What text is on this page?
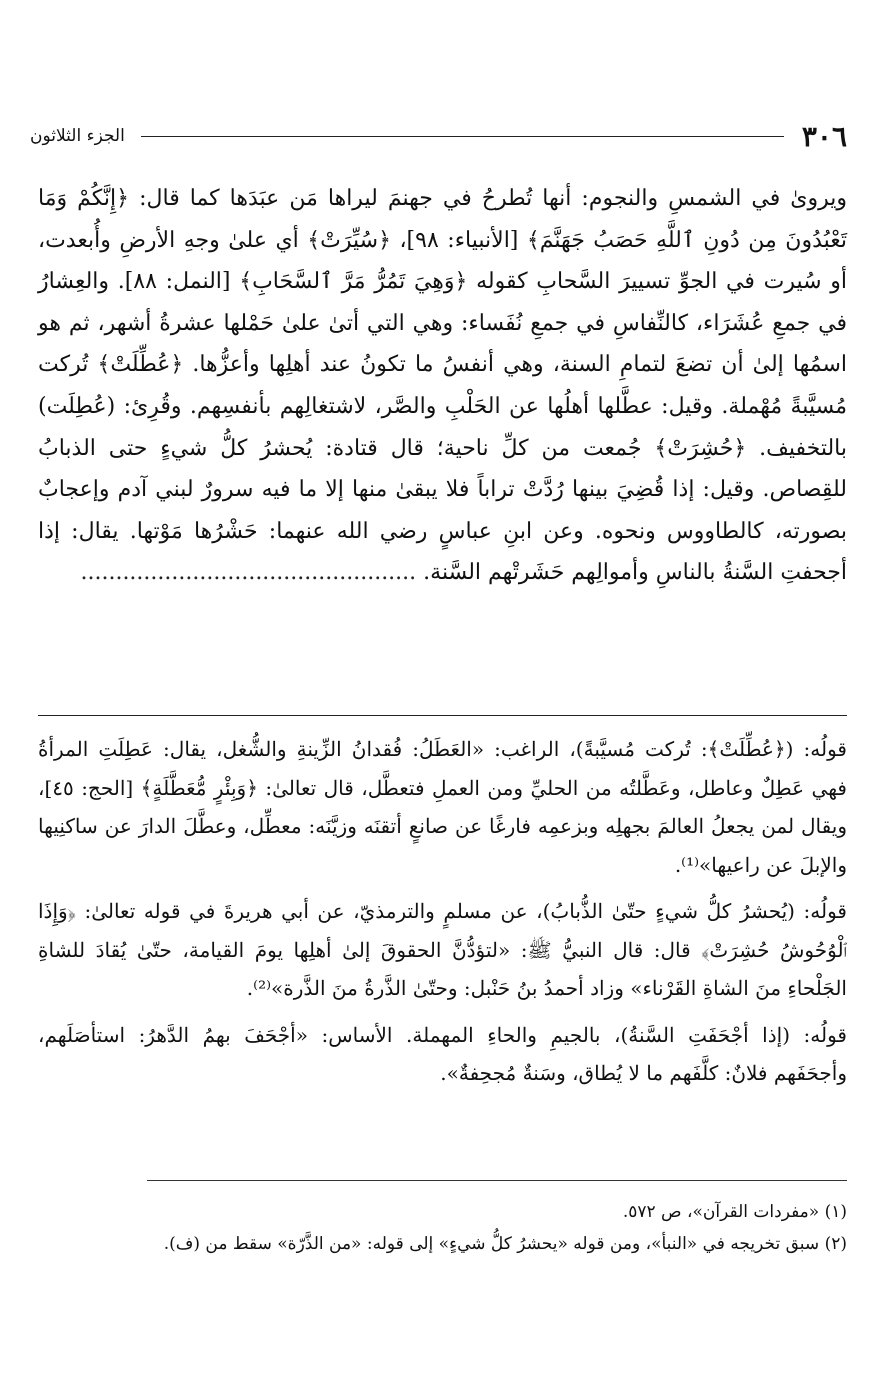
٣٠٦
الجزء الثلاثون

ويروىٰ في الشمسِ والنجوم: أنها تُطرحُ في جهنمَ ليراها مَن عبَدَها كما قال: ﴿إِنَّكُمْ وَمَا تَعْبُدُونَ مِن دُونِ ٱللَّهِ حَصَبُ جَهَنَّمَ﴾ [الأنبياء: ٩٨]، ﴿سُيِّرَتْ﴾ أي علىٰ وجهِ الأرضِ وأُبعدت، أو سُيرت في الجوِّ تسييرَ السَّحابِ كقوله ﴿وَهِيَ تَمُرُّ مَرَّ ٱلسَّحَابِ﴾ [النمل: ٨٨]. والعِشارُ في جمعِ عُشَرَاء، كالنِّفاسِ في جمعِ نُفَساء: وهي التي أتىٰ علىٰ حَمْلها عشرةُ أشهر، ثم هو اسمُها إلىٰ أن تضعَ لتمامِ السنة، وهي أنفسُ ما تكونُ عند أهلِها وأعزُّها. ﴿عُطِّلَتْ﴾ تُركت مُسيَّبةً مُهْملة. وقيل: عطَّلها أهلُها عن الحَلْبِ والصَّر، لاشتغالِهم بأنفسِهم. وقُرِئ: (عُطِلَت) بالتخفيف. ﴿حُشِرَتْ﴾ جُمعت من كلِّ ناحية؛ قال قتادة: يُحشرُ كلُّ شيءٍ حتى الذبابُ للقِصاص. وقيل: إذا قُضِيَ بينها رُدَّتْ تراباً فلا يبقىٰ منها إلا ما فيه سرورٌ لبني آدم وإعجابٌ بصورته، كالطاووس ونحوه. وعن ابنِ عباسٍ رضي الله عنهما: حَشْرُها مَوْتها. يقال: إذا أجحفتِ السَّنةُ بالناسِ وأموالِهم حَشَرتْهم السَّنة. ................................................

قولُه: (﴿عُطِّلَتْ﴾: تُركت مُسيَّبةً)، الراغب: «العَطَلُ: فُقدانُ الزِّينةِ والشُّغل، يقال: عَطِلَتِ المرأةُ فهي عَطِلٌ وعاطل، وعَطَّلتُه من الحليِّ ومن العملِ فتعطَّل، قال تعالىٰ: ﴿وَبِئْرٍ مُّعَطَّلَةٍ﴾ [الحج: ٤٥]، ويقال لمن يجعلُ العالمَ بجهلِه وبزعمِه فارغًا عن صانعٍ أتقنَه وزيَّنَه: معطِّل، وعطَّلَ الدارَ عن ساكنِيها والإبلَ عن راعيها»⁽¹⁾.

قولُه: (يُحشرُ كلُّ شيءٍ حتّىٰ الذُّبابُ)، عن مسلمٍ والترمذيّ، عن أبي هريرةَ في قوله تعالىٰ: ﴿وَإِذَا ٱلْوُحُوشُ حُشِرَتْ﴾ قال: قال النبيُّ ﷺ: «لتؤدُّنَّ الحقوقَ إلىٰ أهلِها يومَ القيامة، حتّىٰ يُقادَ للشاةِ الجَلْحاءِ منَ الشاةِ القَرْناء» وزاد أحمدُ بنُ حَنْبل: وحتّىٰ الذَّرةُ منَ الذَّرة»⁽²⁾.

قولُه: (إذا أجْحَفَتِ السَّنةُ)، بالجيمِ والحاءِ المهملة. الأساس: «أجْحَفَ بهمُ الدَّهرُ: استأصَلَهم، وأجحَفَهم فلانٌ: كلَّفَهم ما لا يُطاق، وسَنةٌ مُجحِفةٌ».

(١) «مفردات القرآن»، ص ٥٧٢.

(٢) سبق تخريجه في «النبأ»، ومن قوله «يحشرُ كلُّ شيءٍ» إلى قوله: «من الذَّرّة» سقط من (ف).
